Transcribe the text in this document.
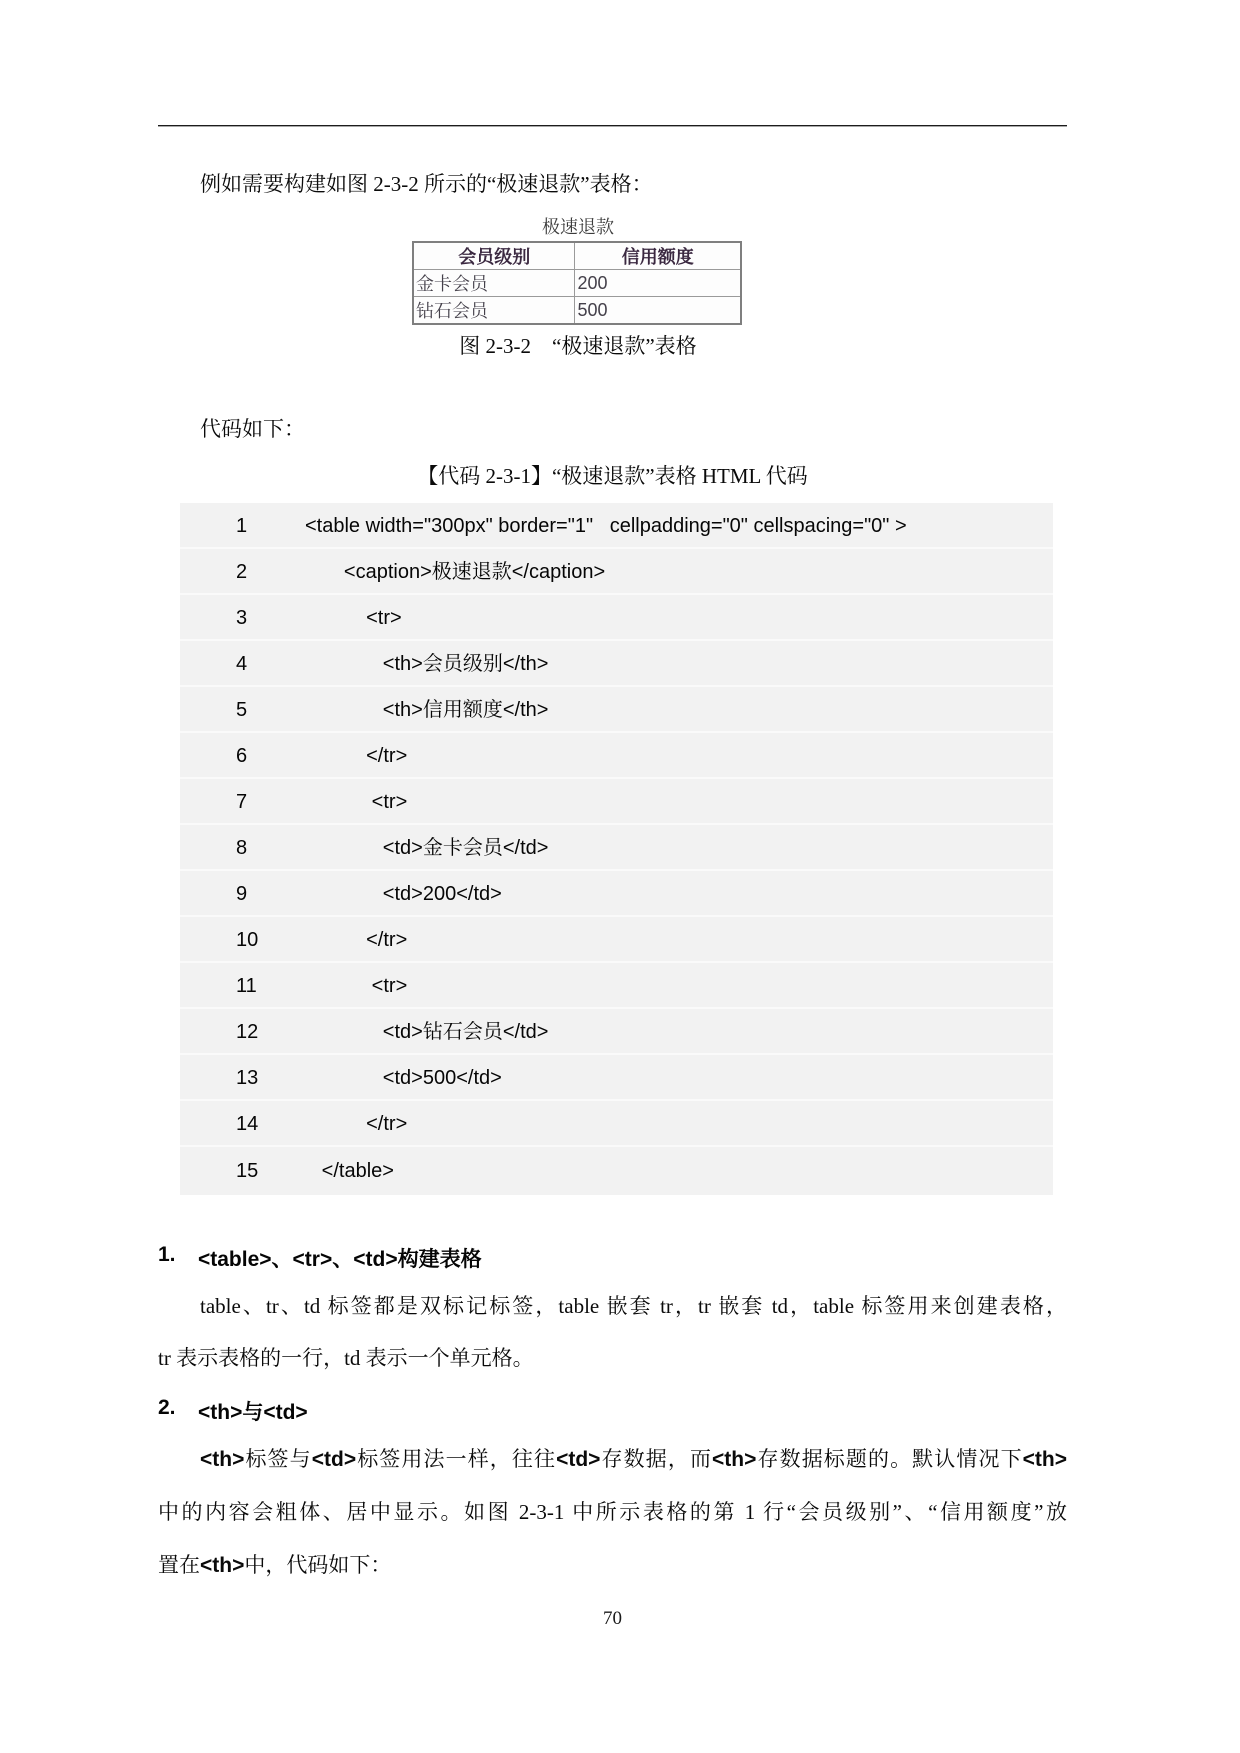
例如需要构建如图 2-3-2 所示的“极速退款”表格：
极速退款
会员级别	信用额度
金卡会员	200
钻石会员	500
图 2-3-2　“极速退款”表格
代码如下：
【代码 2-3-1】“极速退款”表格 HTML 代码
1	<table width="300px" border="1"   cellpadding="0" cellspacing="0" >
2	<caption>极速退款</caption>
3	<tr>
4	<th>会员级别</th>
5	<th>信用额度</th>
6	</tr>
7	<tr>
8	<td>金卡会员</td>
9	<td>200</td>
10	</tr>
11	<tr>
12	<td>钻石会员</td>
13	<td>500</td>
14	</tr>
15	</table>
1.	<table>、<tr>、<td>构建表格
table、tr、td 标签都是双标记标签，table 嵌套 tr，tr 嵌套 td，table 标签用来创建表格，
tr 表示表格的一行，td 表示一个单元格。
2.	<th>与<td>
<th>标签与<td>标签用法一样，往往<td>存数据，而<th>存数据标题的。默认情况下<th>
中的内容会粗体、居中显示。如图 2-3-1 中所示表格的第 1 行“会员级别”、“信用额度”放
置在<th>中，代码如下：
70
